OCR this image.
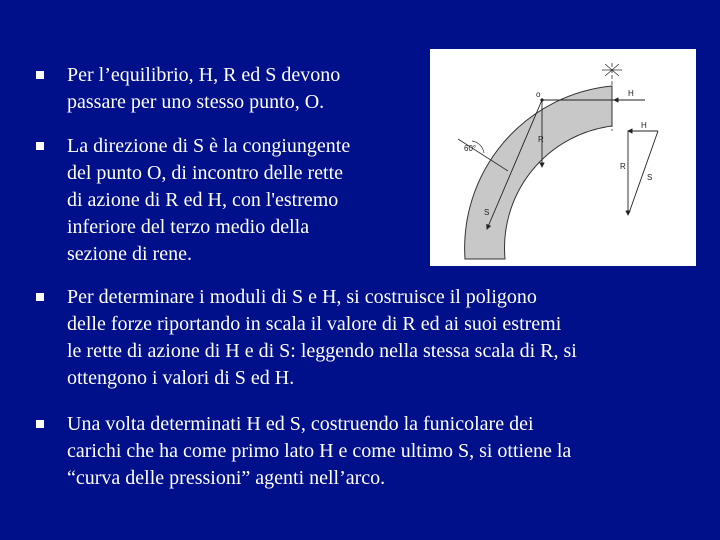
Per l’equilibrio, H, R ed S devono
passare per uno stesso punto, O.
La direzione di S è la congiungente
del punto O, di incontro delle rette
di azione di R ed H, con l'estremo
inferiore del terzo medio della
sezione di rene.
Per determinare i moduli di S e H, si costruisce il poligono
delle forze riportando in scala il valore di R ed ai suoi estremi
le rette di azione di H e di S: leggendo nella stessa scala di R, si
ottengono i valori di S ed H.
Una volta determinati H ed S, costruendo la funicolare dei
carichi che ha come primo lato H e come ultimo S, si ottiene la
“curva delle pressioni” agenti nell’arco.
o	H
R
S
60°
H
R
S
